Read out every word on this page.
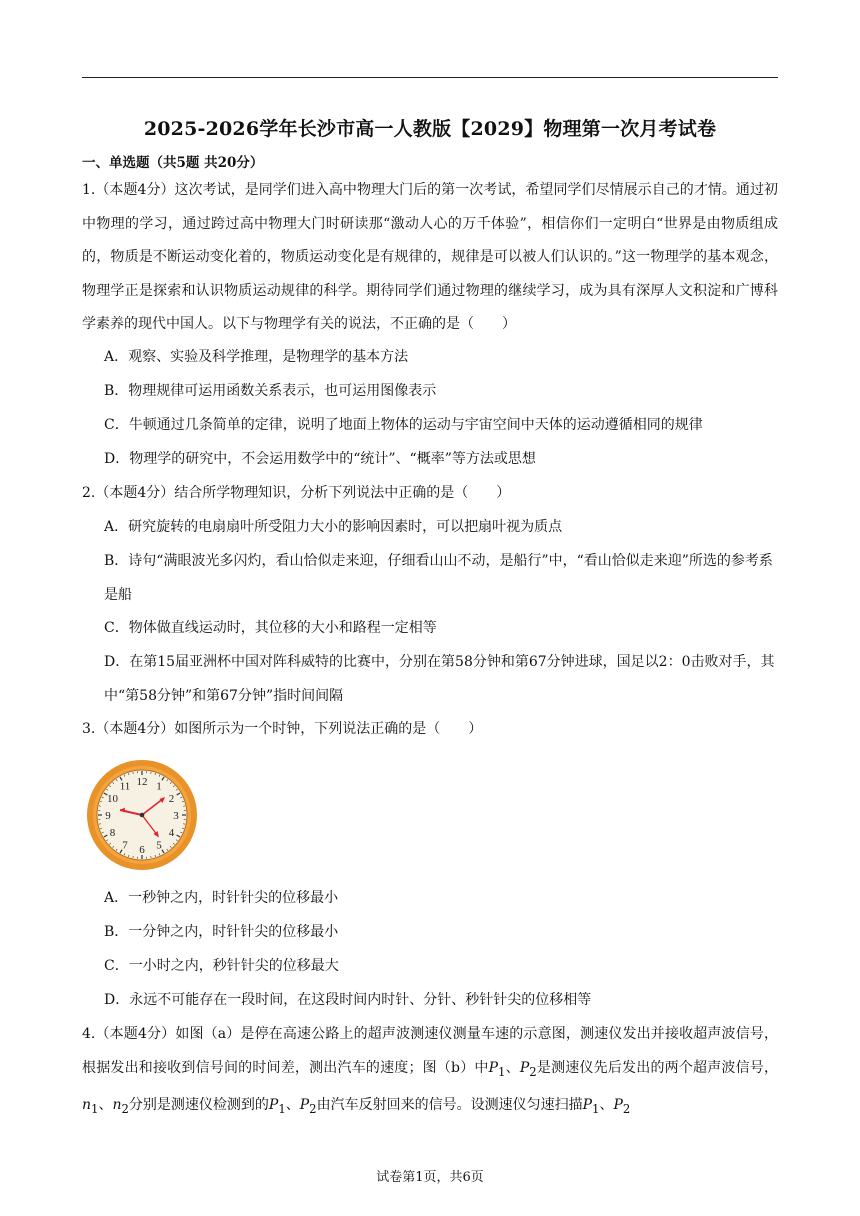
2025-2026学年长沙市高一人教版【2029】物理第一次月考试卷
一、单选题（共5题 共20分）
1.（本题4分）这次考试，是同学们进入高中物理大门后的第一次考试，希望同学们尽情展示自己的才情。通过初中物理的学习，通过跨过高中物理大门时研读那“激动人心的万千体验”，相信你们一定明白“世界是由物质组成的，物质是不断运动变化着的，物质运动变化是有规律的，规律是可以被人们认识的。”这一物理学的基本观念，物理学正是探索和认识物质运动规律的科学。期待同学们通过物理的继续学习，成为具有深厚人文积淀和广博科学素养的现代中国人。以下与物理学有关的说法，不正确的是（　　）
A．观察、实验及科学推理，是物理学的基本方法
B．物理规律可运用函数关系表示，也可运用图像表示
C．牛顿通过几条简单的定律，说明了地面上物体的运动与宇宙空间中天体的运动遵循相同的规律
D．物理学的研究中，不会运用数学中的“统计”、“概率”等方法或思想
2.（本题4分）结合所学物理知识，分析下列说法中正确的是（　　）
A．研究旋转的电扇扇叶所受阻力大小的影响因素时，可以把扇叶视为质点
B．诗句“满眼波光多闪灼，看山恰似走来迎，仔细看山山不动，是船行”中，“看山恰似走来迎”所选的参考系是船
C．物体做直线运动时，其位移的大小和路程一定相等
D．在第15届亚洲杯中国对阵科威特的比赛中，分别在第58分钟和第67分钟进球，国足以2：0击败对手，其中“第58分钟”和第67分钟”指时间间隔
3.（本题4分）如图所示为一个时钟，下列说法正确的是（　　）
12 1
2
3
4
5
6
7
8
9
10
11
A．一秒钟之内，时针针尖的位移最小
B．一分钟之内，时针针尖的位移最小
C．一小时之内，秒针针尖的位移最大
D．永远不可能存在一段时间，在这段时间内时针、分针、秒针针尖的位移相等
4.（本题4分）如图（a）是停在高速公路上的超声波测速仪测量车速的示意图，测速仪发出并接收超声波信号，根据发出和接收到信号间的时间差，测出汽车的速度；图（b）中$P_1$、$P_2$是测速仪先后发出的两个超声波信号，$n_1$、$n_2$分别是测速仪检测到的$P_1$、$P_2$由汽车反射回来的信号。设测速仪匀速扫描$P_1$、$P_2$
试卷第1页，共6页
